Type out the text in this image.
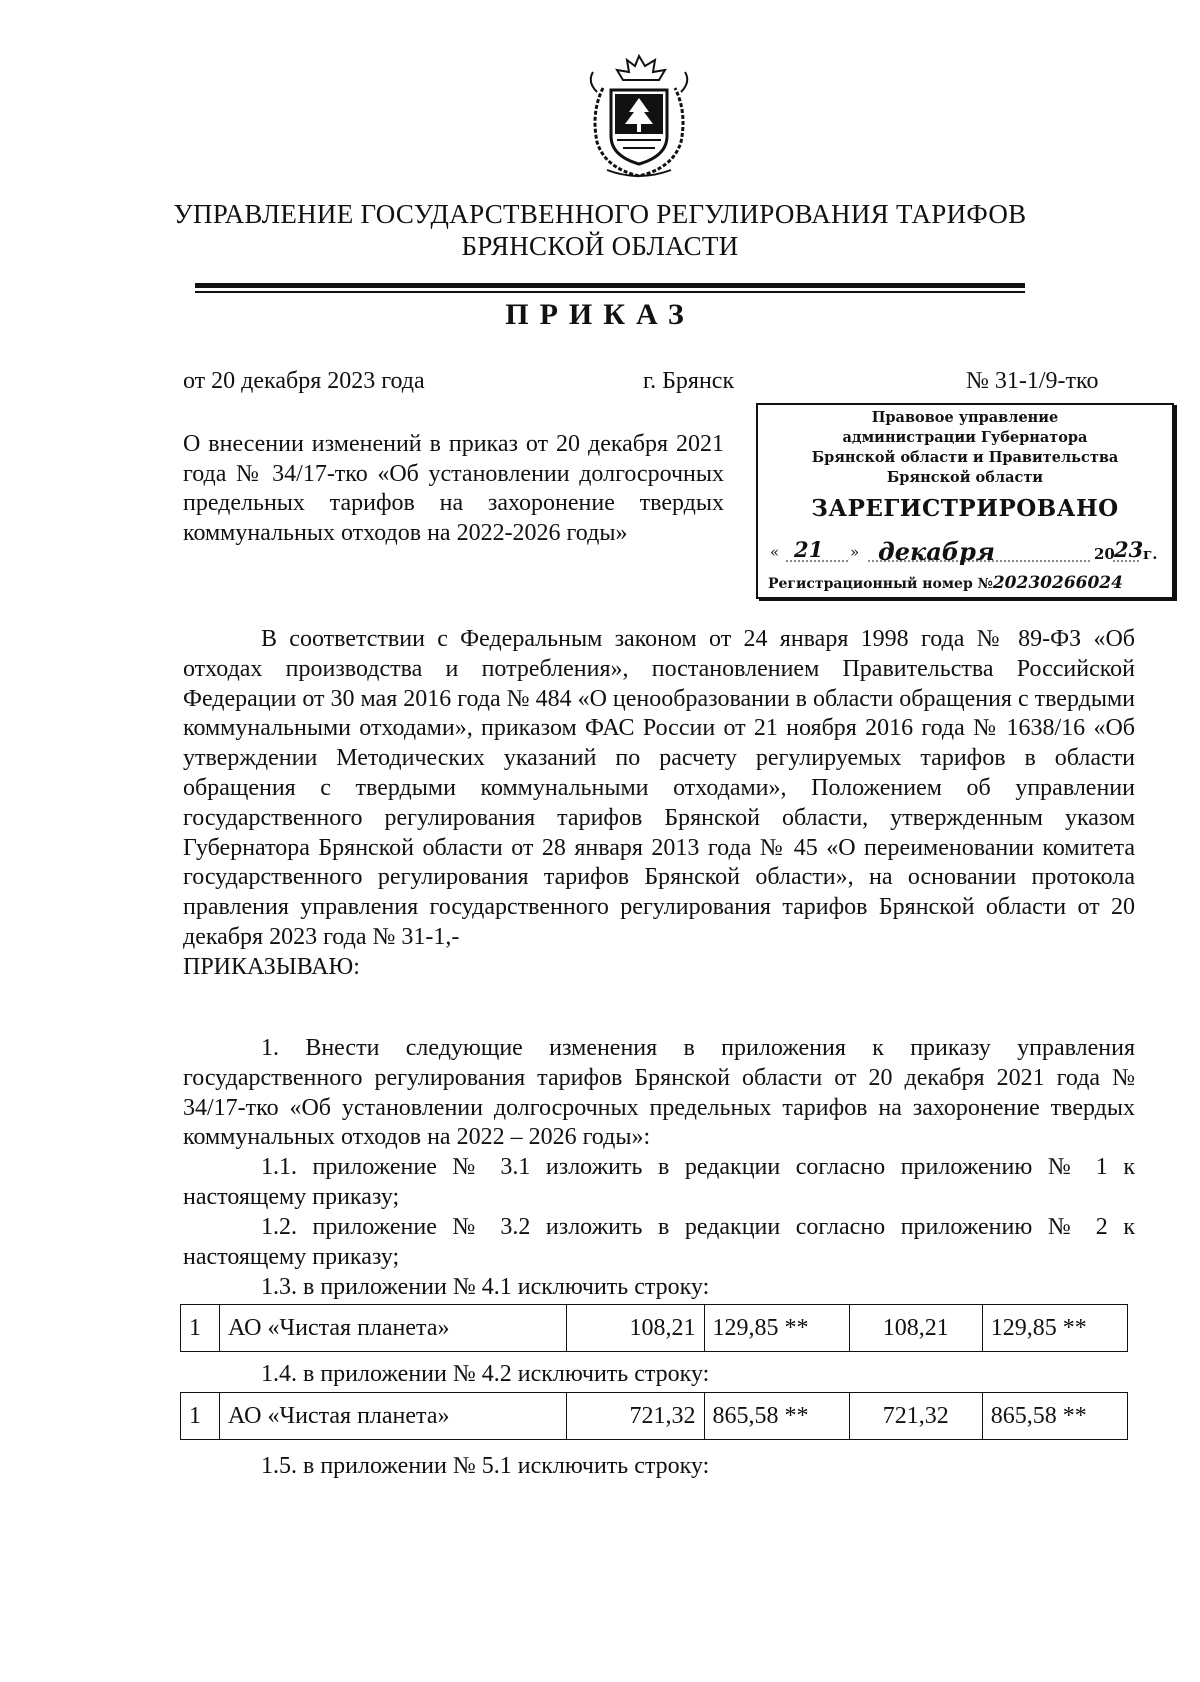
УПРАВЛЕНИЕ ГОСУДАРСТВЕННОГО РЕГУЛИРОВАНИЯ ТАРИФОВ
БРЯНСКОЙ ОБЛАСТИ
ПРИКАЗ
от 20 декабря 2023 года	г. Брянск	№ 31-1/9-тко

О внесении изменений в приказ от 20 декабря 2021 года № 34/17-тко «Об установлении долгосрочных предельных тарифов на захоронение твердых коммунальных отходов на 2022-2026 годы»

Правовое управление
администрации Губернатора
Брянской области и Правительства
Брянской области
ЗАРЕГИСТРИРОВАНО
« 21 » декабря	20 23 г.
Регистрационный номер №20230266024

В соответствии с Федеральным законом от 24 января 1998 года № 89-ФЗ «Об отходах производства и потребления», постановлением Правительства Российской Федерации от 30 мая 2016 года № 484 «О ценообразовании в области обращения с твердыми коммунальными отходами», приказом ФАС России от 21 ноября 2016 года № 1638/16 «Об утверждении Методических указаний по расчету регулируемых тарифов в области обращения с твердыми коммунальными отходами», Положением об управлении государственного регулирования тарифов Брянской области, утвержденным указом Губернатора Брянской области от 28 января 2013 года № 45 «О переименовании комитета государственного регулирования тарифов Брянской области», на основании протокола правления управления государственного регулирования тарифов Брянской области от 20 декабря 2023 года № 31-1,-

ПРИКАЗЫВАЮ:

1. Внести следующие изменения в приложения к приказу управления государственного регулирования тарифов Брянской области от 20 декабря 2021 года № 34/17-тко «Об установлении долгосрочных предельных тарифов на захоронение твердых коммунальных отходов на 2022 – 2026 годы»:

1.1. приложение № 3.1 изложить в редакции согласно приложению № 1 к настоящему приказу;

1.2. приложение № 3.2 изложить в редакции согласно приложению № 2 к настоящему приказу;

1.3. в приложении № 4.1 исключить строку:

1	АО «Чистая планета»	108,21	129,85 **	108,21	129,85 **

1.4. в приложении № 4.2 исключить строку:

1	АО «Чистая планета»	721,32	865,58 **	721,32	865,58 **

1.5. в приложении № 5.1 исключить строку:
